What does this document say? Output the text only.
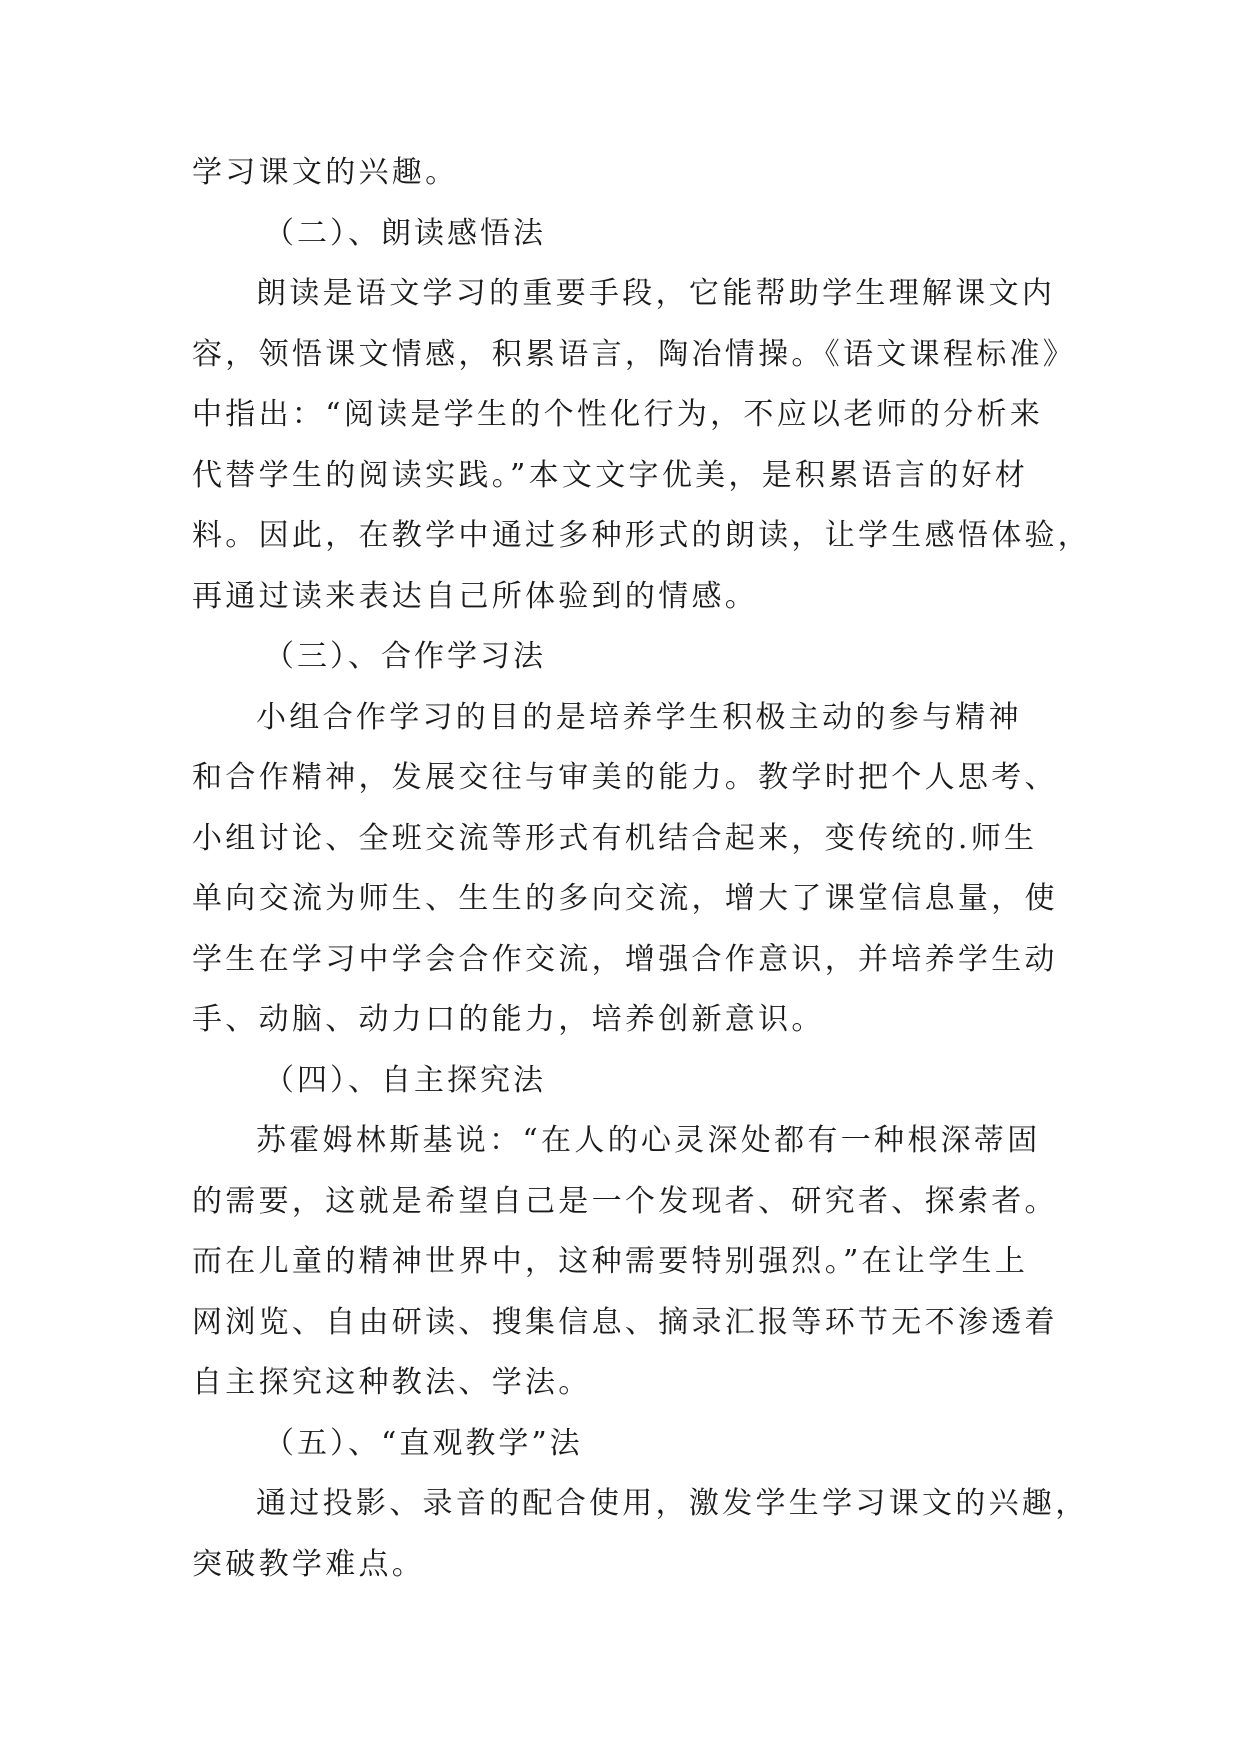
学习课文的兴趣。
（二）、朗读感悟法
朗读是语文学习的重要手段，它能帮助学生理解课文内
容，领悟课文情感，积累语言，陶冶情操。《语文课程标准》
中指出：“阅读是学生的个性化行为，不应以老师的分析来
代替学生的阅读实践。”本文文字优美，是积累语言的好材
料。因此，在教学中通过多种形式的朗读，让学生感悟体验，
再通过读来表达自己所体验到的情感。
（三）、合作学习法
小组合作学习的目的是培养学生积极主动的参与精神
和合作精神，发展交往与审美的能力。教学时把个人思考、
小组讨论、全班交流等形式有机结合起来，变传统的.师生
单向交流为师生、生生的多向交流，增大了课堂信息量，使
学生在学习中学会合作交流，增强合作意识，并培养学生动
手、动脑、动力口的能力，培养创新意识。
（四）、自主探究法
苏霍姆林斯基说：“在人的心灵深处都有一种根深蒂固
的需要，这就是希望自己是一个发现者、研究者、探索者。
而在儿童的精神世界中，这种需要特别强烈。”在让学生上
网浏览、自由研读、搜集信息、摘录汇报等环节无不渗透着
自主探究这种教法、学法。
（五）、“直观教学”法
通过投影、录音的配合使用，激发学生学习课文的兴趣，
突破教学难点。
